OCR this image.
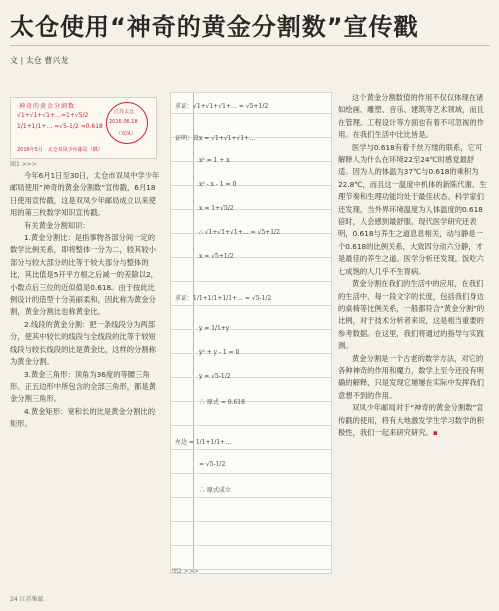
太仓使用“神奇的黄金分割数”宣传戳
文 | 太仓 曹兴龙
神奇的黄金分割数
√1+√1+√1+…=1+√5/2
1/1+1/1+… =√5-1/2 ≈0.618
2016年5月 · 太仓双凤少年邮局（戳）
江苏太仓
2016.06.18
（双凤）
图1 >>>

今年6月1日至30日，太仓市双凤中学少年邮局使用“神奇的黄金分割数”宣传戳，6月18日使用宣传戳，这是双凤少年邮局成立以来使用的第三枚数学知识宣传戳。

有关黄金分割知识：

1.黄金分割比：是指事物各部分间一定的数学比例关系，即将整体一分为二，较其较小部分与较大部分的比等于较大部分与整体的比，其比值是5开平方根之后减一的差除以2，小数点后三位的近似值是0.618。由于按此比例设计的造型十分美丽柔和，因此称为黄金分割，黄金分割比也称黄金比。

2.线段的黄金分割：把一条线段分为两部分，使其中较长的线段与全线段的比等于较短线段与较长线段的比是黄金比，这样的分割称为黄金分割。

3.黄金三角形：顶角为36度的等腰三角形。正五边形中所包含的全部三角形，都是黄金分割三角形。

4.黄金矩形：宽和长的比是黄金分割比的矩形。

求证：√1+√1+√1+… = √5+1/2
证明：设x = √1+√1+√1+…
x² = 1 + x
x² - x - 1 = 0
x = 1+√5/2
∴ √1+√1+√1+… = √5+1/2
x = √5+1/2
求证：1/1+1/1+1/1+… = √5-1/2
y = 1/1+y
y² + y - 1 = 0
y = √5-1/2
∴ 原式 ≈ 0.618
左边 = 1/1+1/1+…
= √5-1/2
∴ 原式成立
图2 >>>

这个黄金分割数值的作用不仅仅体现在诸如绘画、雕塑、音乐、建筑等艺术领域，而且在管理、工程设计等方面也有着不可忽视的作用。在我们生活中比比皆是。

医学与0.618有着千丝万缕的联系，它可解释人为什么在环境22至24℃时感觉最舒适。因为人的体温为37℃与0.618的乘积为22.8℃，而且这一温度中机体的新陈代谢、生理节奏和生理功能均处于最佳状态。科学家们还发现，当外界环境温度为人体温度的0.618倍时，人会感到最舒服。现代医学研究还表明，0.618与养生之道息息相关，动与静是一个0.618的比例关系，大致四分动六分静，才是最佳的养生之道。医学分析还发现，饭吃六七成饱的人几乎不生胃病。

黄金分割在我们的生活中的应用，在我们的生活中，每一段文字的长度，包括我们身边的桌椅等比例关系，一般都符合“黄金分割”的比例，对于技术分析者来说，这是相当重要的参考数据。在这里，我们将通过的指导与实践测。

黄金分割是一个古老的数学方法，对它的各种神奇的作用和魔力，数学上至今还没有明确的解释，只是发现它屡屡在实际中发挥我们意想不到的作用。

双凤少年邮局对于“神奇的黄金分割数”宣传戳的使用，将有大地激发学生学习数学的积极性，我们一起来研究研究。▪

24 江苏集邮
